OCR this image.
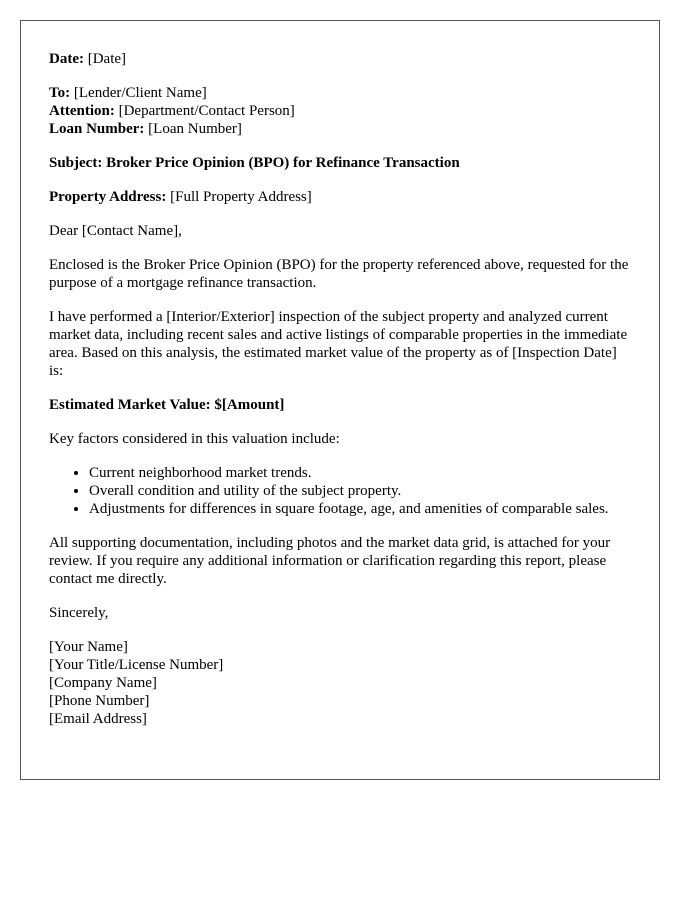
Date: [Date]

To: [Lender/Client Name]
Attention: [Department/Contact Person]
Loan Number: [Loan Number]

Subject: Broker Price Opinion (BPO) for Refinance Transaction

Property Address: [Full Property Address]

Dear [Contact Name],

Enclosed is the Broker Price Opinion (BPO) for the property referenced above, requested for the purpose of a mortgage refinance transaction.

I have performed a [Interior/Exterior] inspection of the subject property and analyzed current market data, including recent sales and active listings of comparable properties in the immediate area. Based on this analysis, the estimated market value of the property as of [Inspection Date] is:

Estimated Market Value: $[Amount]

Key factors considered in this valuation include:

• Current neighborhood market trends.
• Overall condition and utility of the subject property.
• Adjustments for differences in square footage, age, and amenities of comparable sales.

All supporting documentation, including photos and the market data grid, is attached for your review. If you require any additional information or clarification regarding this report, please contact me directly.

Sincerely,

[Your Name]
[Your Title/License Number]
[Company Name]
[Phone Number]
[Email Address]
